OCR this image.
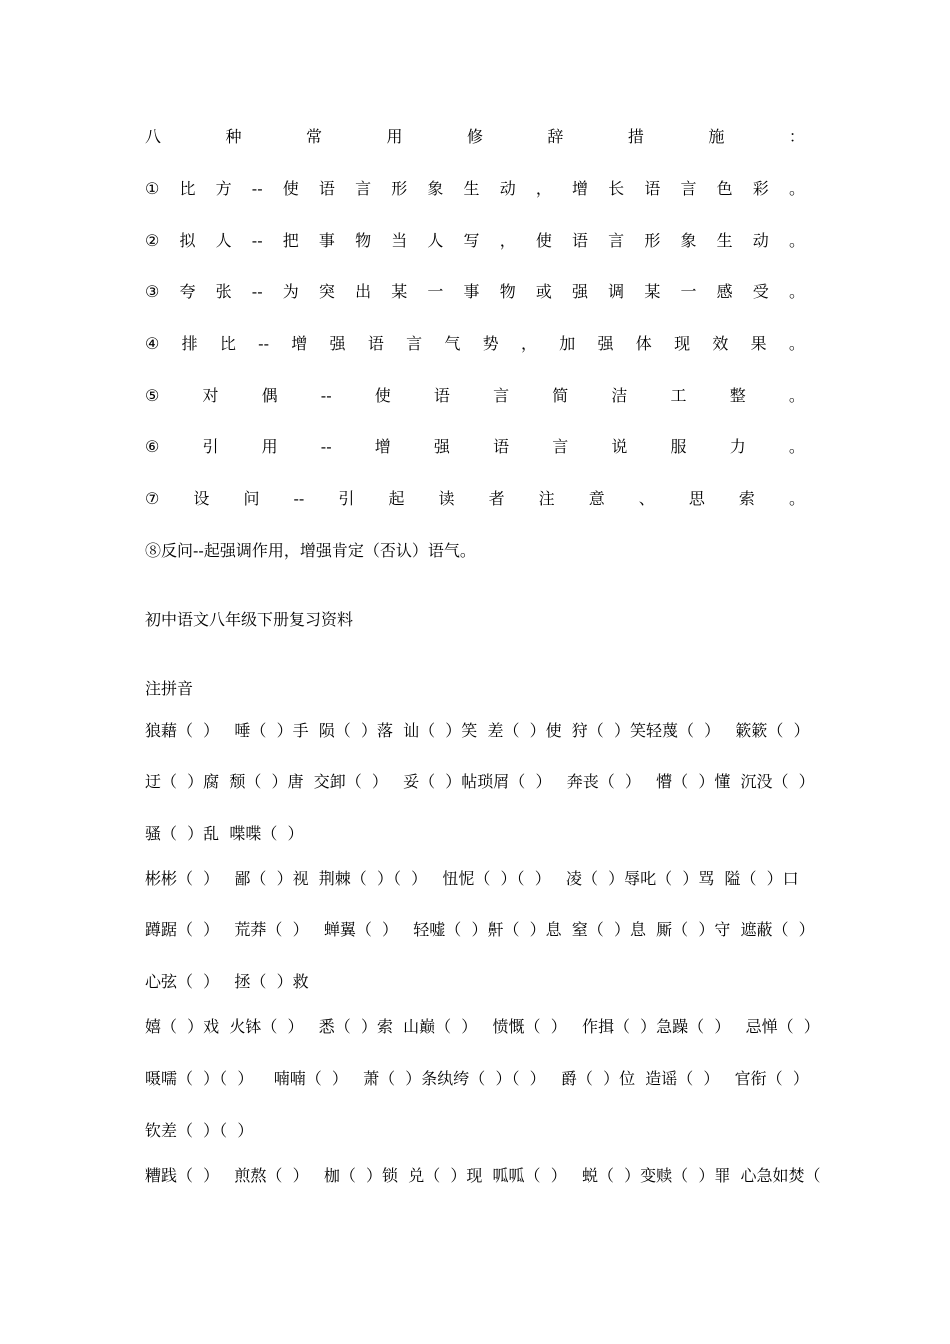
八	种	常	用	修	辞	措	施	：
① 比 方 -- 使 语 言 形 象 生 动 ， 增 长 语 言 色 彩 。
② 拟 人 -- 把 事 物 当 人 写 ， 使 语 言 形 象 生 动 。
③ 夸 张 -- 为 突 出 某 一 事 物 或 强 调 某 一 感 受 。
④ 排 比 -- 增 强 语 言 气 势 ， 加 强 体 现 效 果 。
⑤	对	偶	--	使	语	言	简	洁	工	整	。
⑥	引	用	--	增	强	语	言	说	服	力	。
⑦ 设 问 -- 引 起 读 者 注 意 、 思 索 。
⑧反问--起强调作用，增强肯定（否认）语气。
初中语文八年级下册复习资料
注拼音
狼藉（  ）   唾（  ）手  陨（  ）落  讪（  ）笑  差（  ）使  狩（  ）笑轻蔑（  ）   簌簌（  ）
迂（  ）腐  颓（  ）唐  交卸（  ）   妥（  ）帖琐屑（  ）   奔丧（  ）   懵（  ）懂  沉没（  ）
骚（  ）乱  喋喋（  ）
彬彬（  ）   鄙（  ）视  荆棘（  ）（  ）   忸怩（  ）（  ）   凌（  ）辱叱（  ）骂  隘（  ）口
蹲踞（  ）   荒莽（  ）   蝉翼（  ）   轻嘘（  ）鼾（  ）息  窒（  ）息  厮（  ）守  遮蔽（  ）
心弦（  ）   拯（  ）救
嬉（  ）戏  火钵（  ）   悉（  ）索  山巅（  ）   愤慨（  ）   作揖（  ）急躁（  ）   忌惮（  ）
嗫嚅（  ）（  ）    喃喃（  ）   萧（  ）条纨绔（  ）（  ）   爵（  ）位  造谣（  ）   官衔（  ）
钦差（  ）（  ）
糟践（  ）   煎熬（  ）   枷（  ）锁  兑（  ）现  呱呱（  ）   蜕（  ）变赎（  ）罪  心急如焚（
